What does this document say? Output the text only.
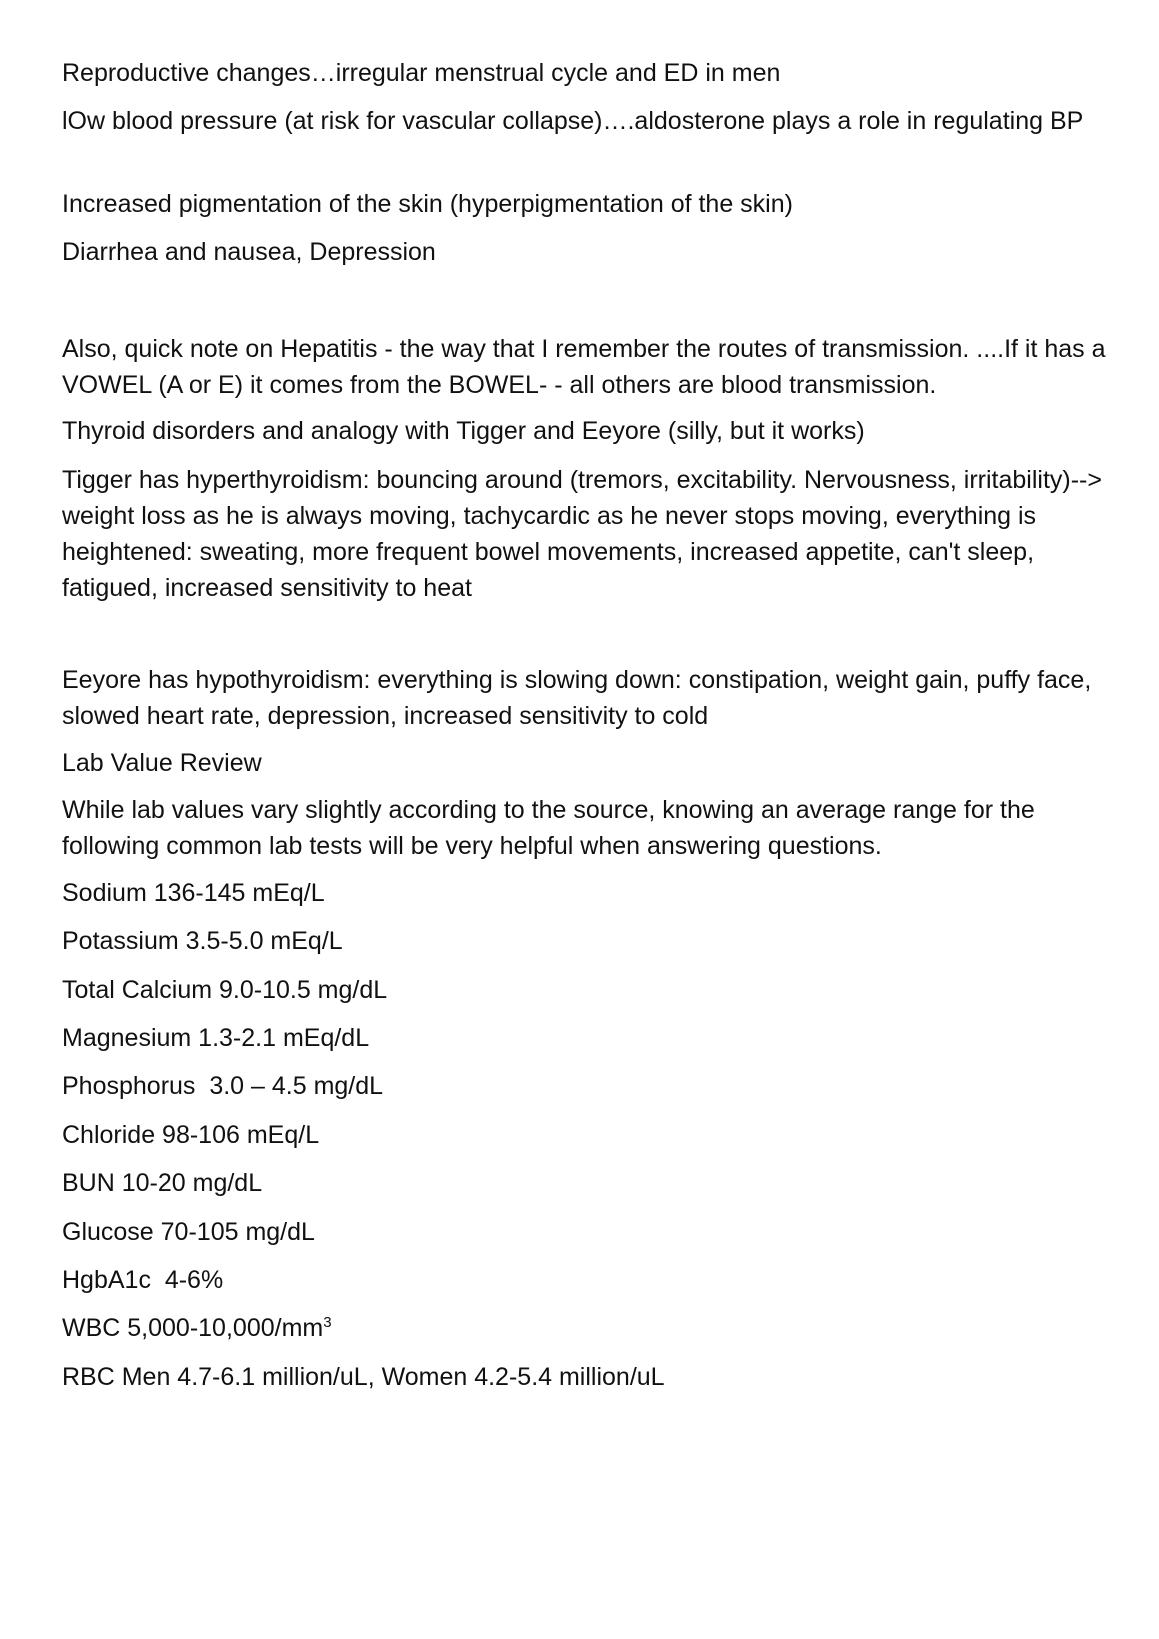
Reproductive changes…irregular menstrual cycle and ED in men

lOw blood pressure (at risk for vascular collapse)….aldosterone plays a role in regulating BP

Increased pigmentation of the skin (hyperpigmentation of the skin)

Diarrhea and nausea, Depression

Also, quick note on Hepatitis - the way that I remember the routes of transmission. ....If it has a VOWEL (A or E) it comes from the BOWEL- - all others are blood transmission.

Thyroid disorders and analogy with Tigger and Eeyore (silly, but it works)

Tigger has hyperthyroidism: bouncing around (tremors, excitability. Nervousness, irritability)--> weight loss as he is always moving, tachycardic as he never stops moving, everything is heightened: sweating, more frequent bowel movements, increased appetite, can't sleep, fatigued, increased sensitivity to heat

Eeyore has hypothyroidism: everything is slowing down: constipation, weight gain, puffy face, slowed heart rate, depression, increased sensitivity to cold

Lab Value Review

While lab values vary slightly according to the source, knowing an average range for the following common lab tests will be very helpful when answering questions.

Sodium 136-145 mEq/L

Potassium 3.5-5.0 mEq/L

Total Calcium 9.0-10.5 mg/dL

Magnesium 1.3-2.1 mEq/dL

Phosphorus  3.0 – 4.5 mg/dL

Chloride 98-106 mEq/L

BUN 10-20 mg/dL

Glucose 70-105 mg/dL

HgbA1c  4-6%

WBC $5,000-10,000/mm^3$

RBC Men 4.7-6.1 million/uL, Women 4.2-5.4 million/uL
